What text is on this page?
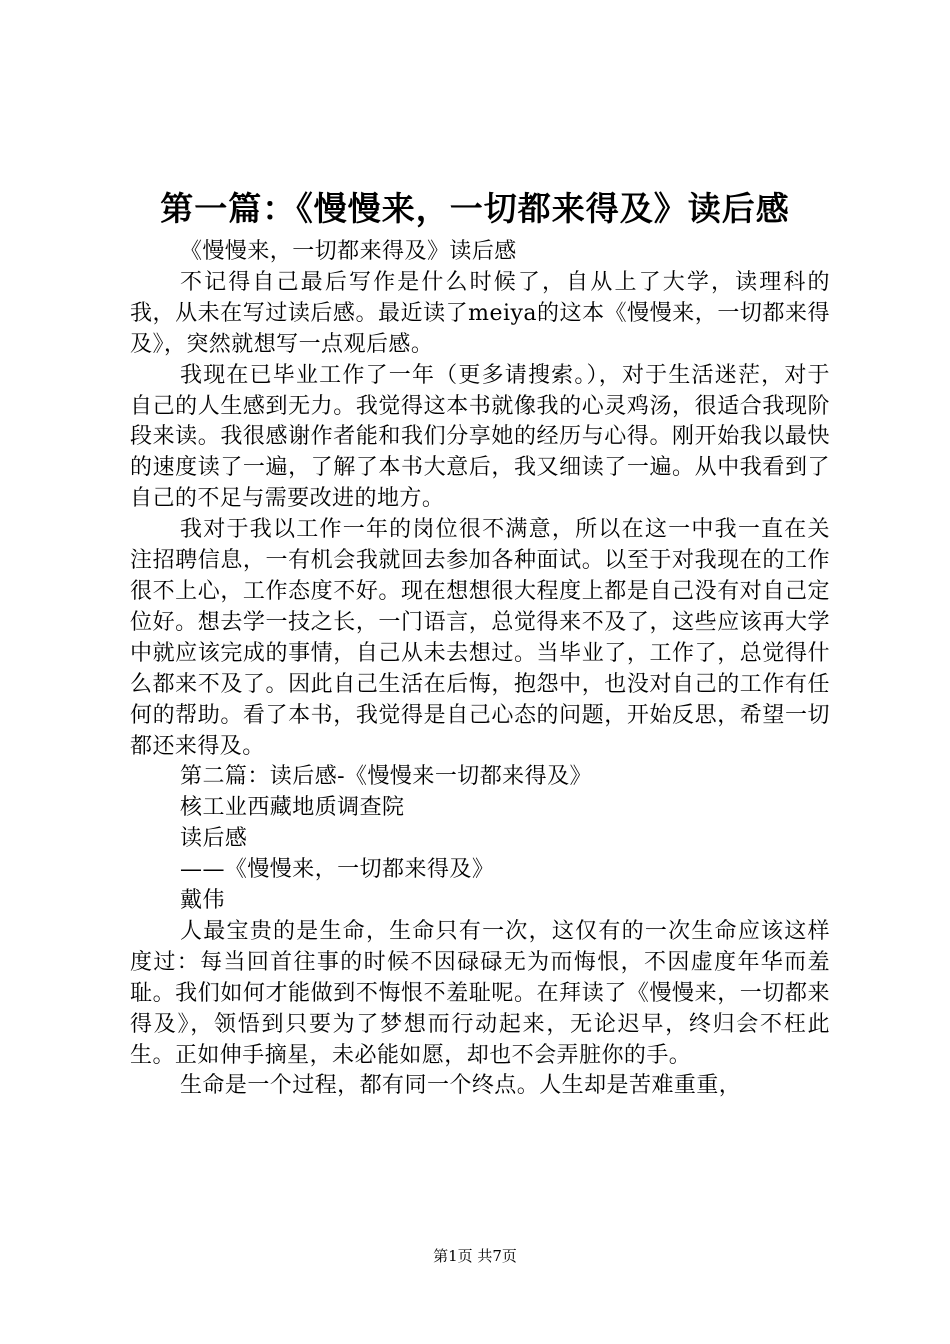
第一篇：《慢慢来，一切都来得及》读后感

《慢慢来，一切都来得及》读后感

不记得自己最后写作是什么时候了，自从上了大学，读理科的我，从未在写过读后感。最近读了meiya的这本《慢慢来，一切都来得及》，突然就想写一点观后感。

我现在已毕业工作了一年（更多请搜索。），对于生活迷茫，对于自己的人生感到无力。我觉得这本书就像我的心灵鸡汤，很适合我现阶段来读。我很感谢作者能和我们分享她的经历与心得。刚开始我以最快的速度读了一遍，了解了本书大意后，我又细读了一遍。从中我看到了自己的不足与需要改进的地方。

我对于我以工作一年的岗位很不满意，所以在这一中我一直在关注招聘信息，一有机会我就回去参加各种面试。以至于对我现在的工作很不上心，工作态度不好。现在想想很大程度上都是自己没有对自己定位好。想去学一技之长，一门语言，总觉得来不及了，这些应该再大学中就应该完成的事情，自己从未去想过。当毕业了，工作了，总觉得什么都来不及了。因此自己生活在后悔，抱怨中，也没对自己的工作有任何的帮助。看了本书，我觉得是自己心态的问题，开始反思，希望一切都还来得及。

第二篇：读后感-《慢慢来一切都来得及》

核工业西藏地质调查院

读后感

——《慢慢来，一切都来得及》

戴伟

人最宝贵的是生命，生命只有一次，这仅有的一次生命应该这样度过：每当回首往事的时候不因碌碌无为而悔恨，不因虚度年华而羞耻。我们如何才能做到不悔恨不羞耻呢。在拜读了《慢慢来，一切都来得及》，领悟到只要为了梦想而行动起来，无论迟早，终归会不枉此生。正如伸手摘星，未必能如愿，却也不会弄脏你的手。

生命是一个过程，都有同一个终点。人生却是苦难重重，

第1页 共7页
